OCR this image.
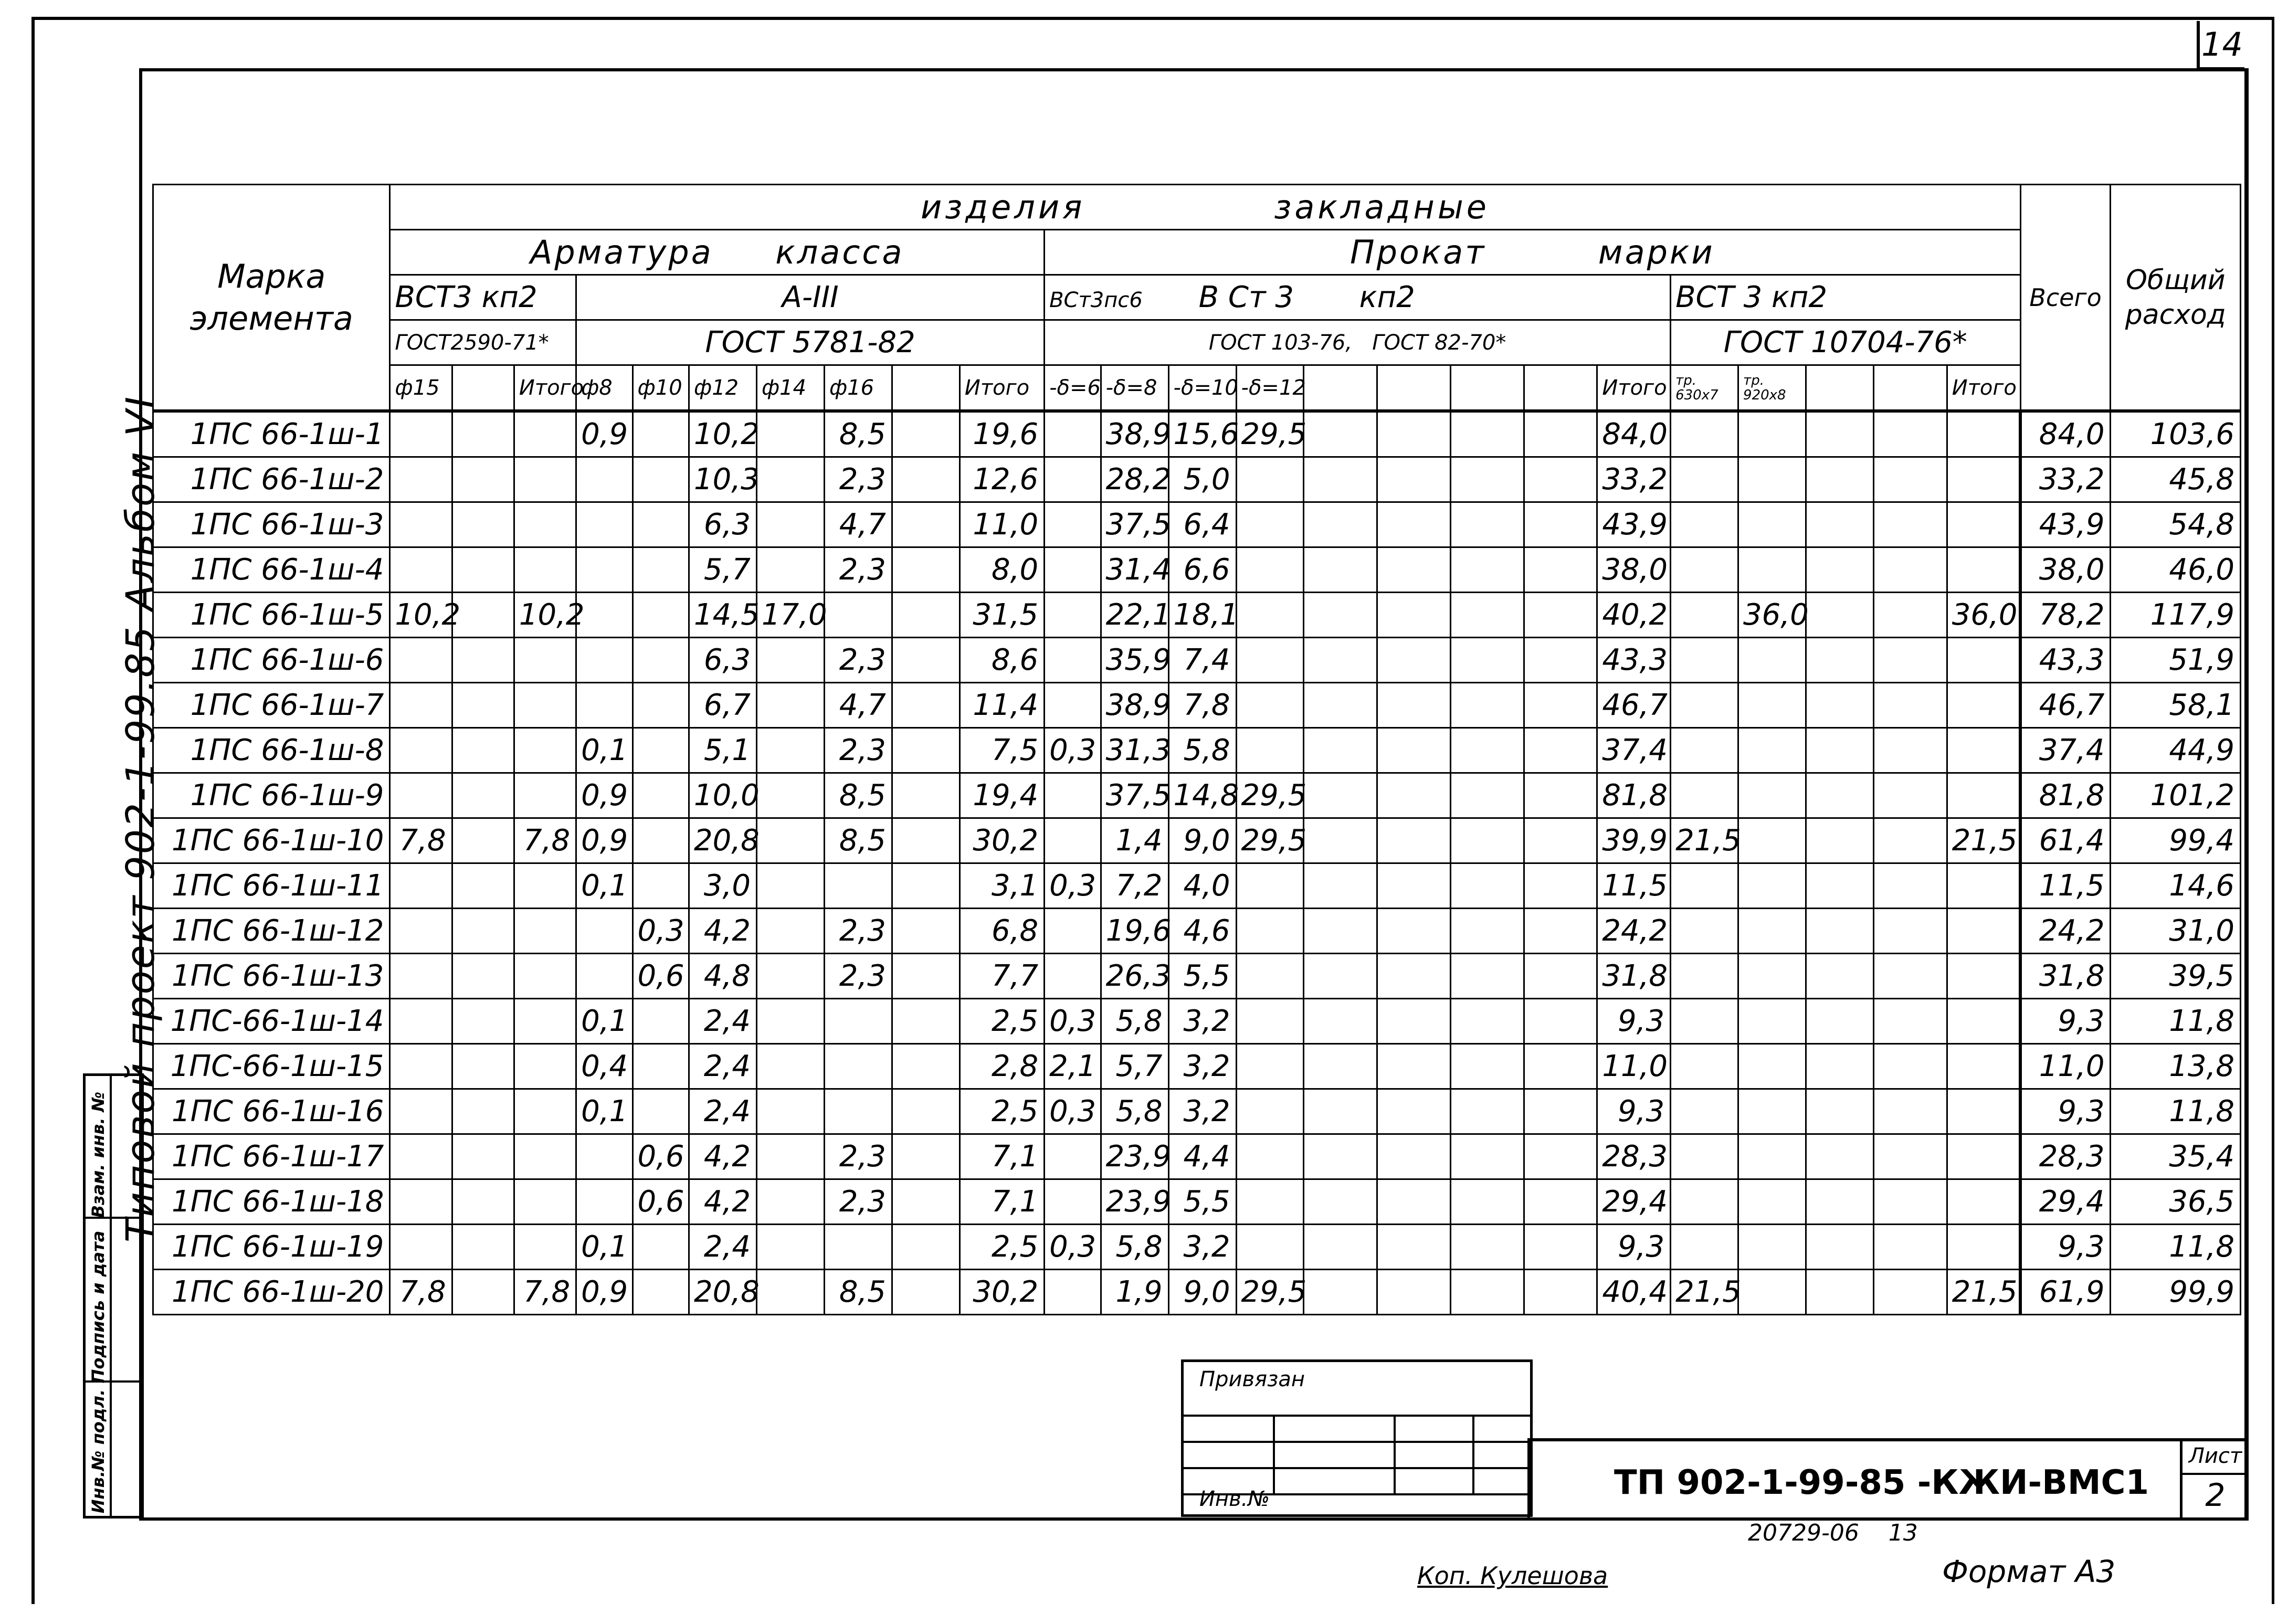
14
Типовой проект 902-1-99.85 Альбом VI
Взам. инв. №
Подпись и дата
Инв.№ подл.
Марка элемента	изделия закладные																								Всего	Общий расход
	Арматура класса										Прокат марки															
	ВСТ3 кп2			А-III							ВСт3пс6 В Ст 3 кп2									ВСТ 3 кп2						
	ГОСТ2590-71*			ГОСТ 5781-82							ГОСТ 103-76, ГОСТ 82-70*									ГОСТ 10704-76*						
	ф15		Итого	ф8	ф10	ф12	ф14	ф16		Итого	-δ=6	-δ=8	-δ=10	-δ=12					Итого	тр. 630x7	тр. 920x8			Итого		
1ПС 66-1ш-1				0,9		10,2		8,5		19,6		38,9	15,6	29,5					84,0						84,0	103,6
1ПС 66-1ш-2						10,3		2,3		12,6		28,2	5,0						33,2						33,2	45,8
1ПС 66-1ш-3						6,3		4,7		11,0		37,5	6,4						43,9						43,9	54,8
1ПС 66-1ш-4						5,7		2,3		8,0		31,4	6,6						38,0						38,0	46,0
1ПС 66-1ш-5	10,2		10,2			14,5	17,0			31,5		22,1	18,1						40,2		36,0			36,0	78,2	117,9
1ПС 66-1ш-6						6,3		2,3		8,6		35,9	7,4						43,3						43,3	51,9
1ПС 66-1ш-7						6,7		4,7		11,4		38,9	7,8						46,7						46,7	58,1
1ПС 66-1ш-8				0,1		5,1		2,3		7,5	0,3	31,3	5,8						37,4						37,4	44,9
1ПС 66-1ш-9				0,9		10,0		8,5		19,4		37,5	14,8	29,5					81,8						81,8	101,2
1ПС 66-1ш-10	7,8		7,8	0,9		20,8		8,5		30,2		1,4	9,0	29,5					39,9	21,5				21,5	61,4	99,4
1ПС 66-1ш-11				0,1		3,0				3,1	0,3	7,2	4,0						11,5						11,5	14,6
1ПС 66-1ш-12					0,3	4,2		2,3		6,8		19,6	4,6						24,2						24,2	31,0
1ПС 66-1ш-13					0,6	4,8		2,3		7,7		26,3	5,5						31,8						31,8	39,5
1ПС-66-1ш-14				0,1		2,4				2,5	0,3	5,8	3,2						9,3						9,3	11,8
1ПС-66-1ш-15				0,4		2,4				2,8	2,1	5,7	3,2						11,0						11,0	13,8
1ПС 66-1ш-16				0,1		2,4				2,5	0,3	5,8	3,2						9,3						9,3	11,8
1ПС 66-1ш-17					0,6	4,2		2,3		7,1		23,9	4,4						28,3						28,3	35,4
1ПС 66-1ш-18					0,6	4,2		2,3		7,1		23,9	5,5						29,4						29,4	36,5
1ПС 66-1ш-19				0,1		2,4				2,5	0,3	5,8	3,2						9,3						9,3	11,8
1ПС 66-1ш-20	7,8		7,8	0,9		20,8		8,5		30,2		1,9	9,0	29,5					40,4	21,5				21,5	61,9	99,9
Привязан
Инв.№	ТП 902-1-99-85 -КЖИ-ВМС1
Лист
2
20729-06 13
Коп. Кулешова	Формат А3
